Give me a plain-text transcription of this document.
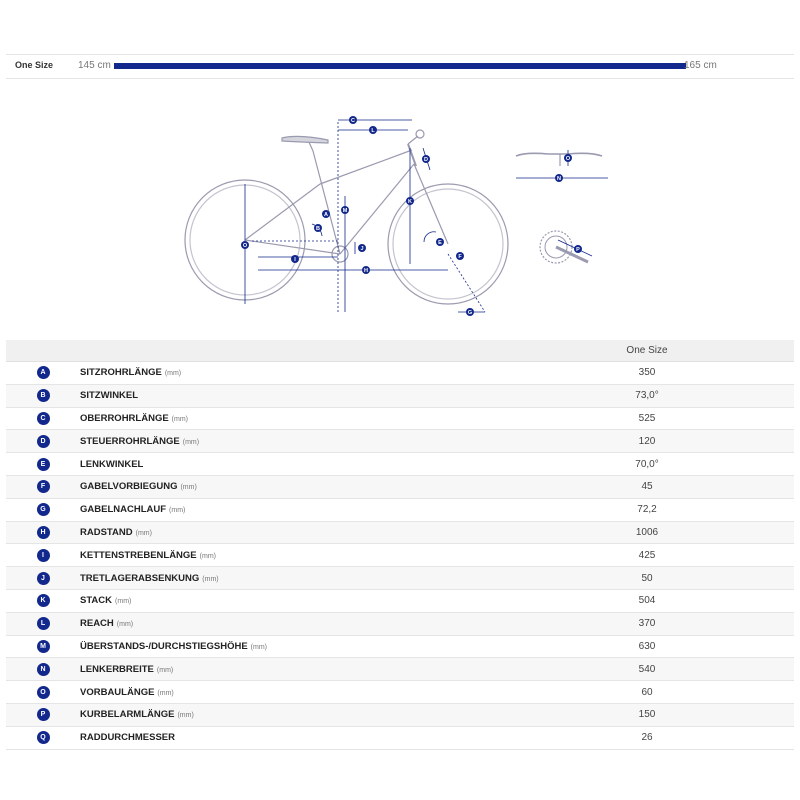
One Size 145 cm	165 cm
A
B
C
D
E
F
G
H
I
J
K
L
M
O
N
O
P
		One Size
A	SITZROHRLÄNGE (mm)	350
B	SITZWINKEL	73,0°
C	OBERROHRLÄNGE (mm)	525
D	STEUERROHRLÄNGE (mm)	120
E	LENKWINKEL	70,0°
F	GABELVORBIEGUNG (mm)	45
G	GABELNACHLAUF (mm)	72,2
H	RADSTAND (mm)	1006
I	KETTENSTREBENLÄNGE (mm)	425
J	TRETLAGERABSENKUNG (mm)	50
K	STACK (mm)	504
L	REACH (mm)	370
M	ÜBERSTANDS-/DURCHSTIEGSHÖHE (mm)	630
N	LENKERBREITE (mm)	540
O	VORBAULÄNGE (mm)	60
P	KURBELARMLÄNGE (mm)	150
Q	RADDURCHMESSER	26
